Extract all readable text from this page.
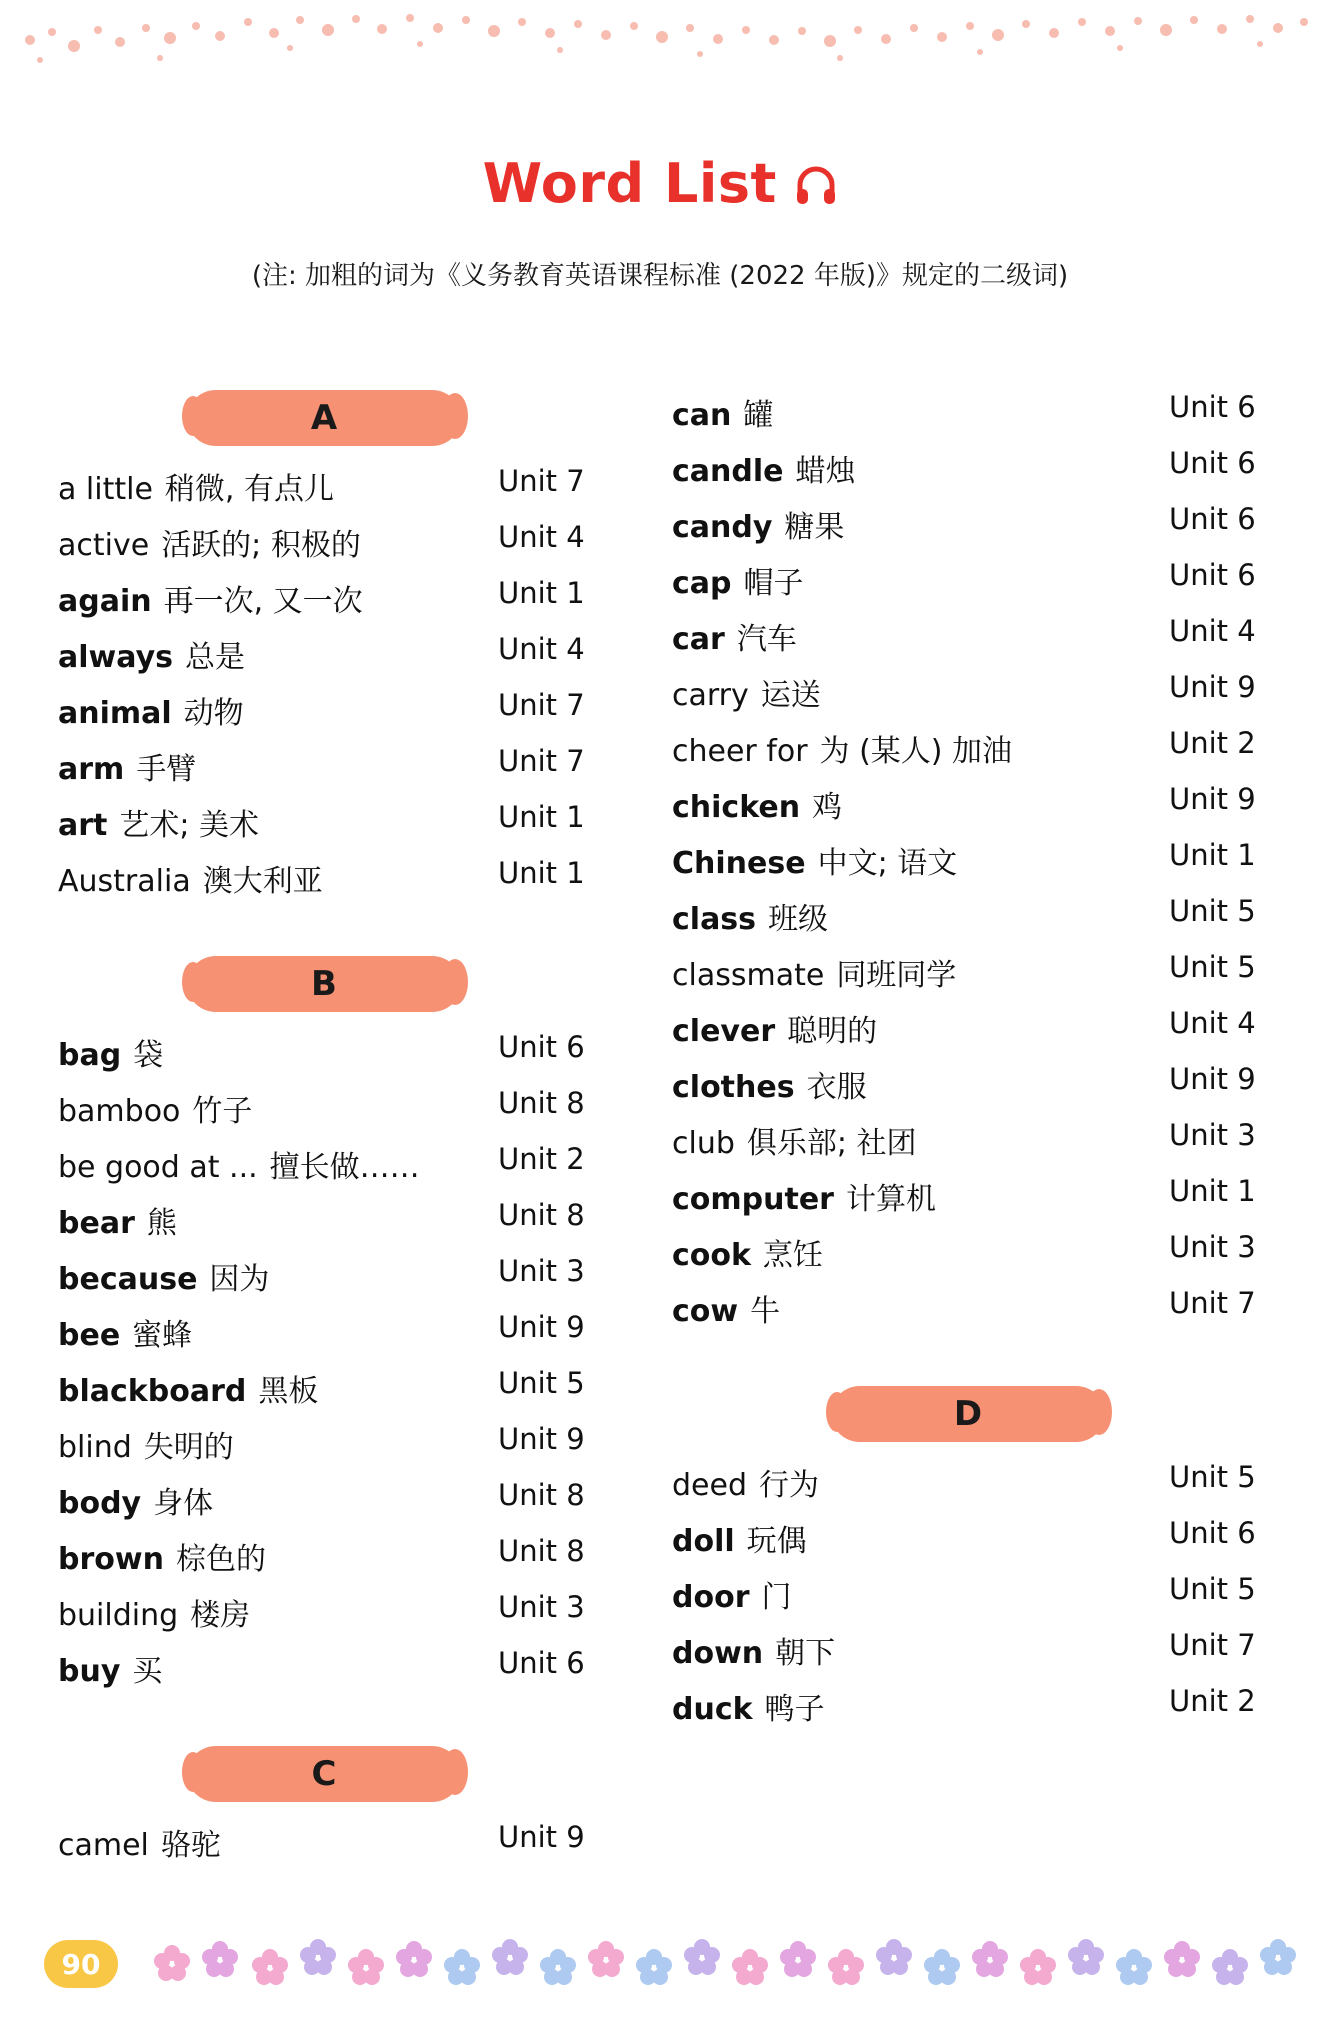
Word List
(注: 加粗的词为《义务教育英语课程标准 (2022 年版)》规定的二级词)
A
a little 稍微, 有点儿	Unit 7
active 活跃的; 积极的	Unit 4
again 再一次, 又一次	Unit 1
always 总是	Unit 4
animal 动物	Unit 7
arm 手臂	Unit 7
art 艺术; 美术	Unit 1
Australia 澳大利亚	Unit 1
B
bag 袋	Unit 6
bamboo 竹子	Unit 8
be good at ... 擅长做……	Unit 2
bear 熊	Unit 8
because 因为	Unit 3
bee 蜜蜂	Unit 9
blackboard 黑板	Unit 5
blind 失明的	Unit 9
body 身体	Unit 8
brown 棕色的	Unit 8
building 楼房	Unit 3
buy 买	Unit 6
C
camel 骆驼	Unit 9
can 罐	Unit 6
candle 蜡烛	Unit 6
candy 糖果	Unit 6
cap 帽子	Unit 6
car 汽车	Unit 4
carry 运送	Unit 9
cheer for 为 (某人) 加油	Unit 2
chicken 鸡	Unit 9
Chinese 中文; 语文	Unit 1
class 班级	Unit 5
classmate 同班同学	Unit 5
clever 聪明的	Unit 4
clothes 衣服	Unit 9
club 俱乐部; 社团	Unit 3
computer 计算机	Unit 1
cook 烹饪	Unit 3
cow 牛	Unit 7
D
deed 行为	Unit 5
doll 玩偶	Unit 6
door 门	Unit 5
down 朝下	Unit 7
duck 鸭子	Unit 2
90
